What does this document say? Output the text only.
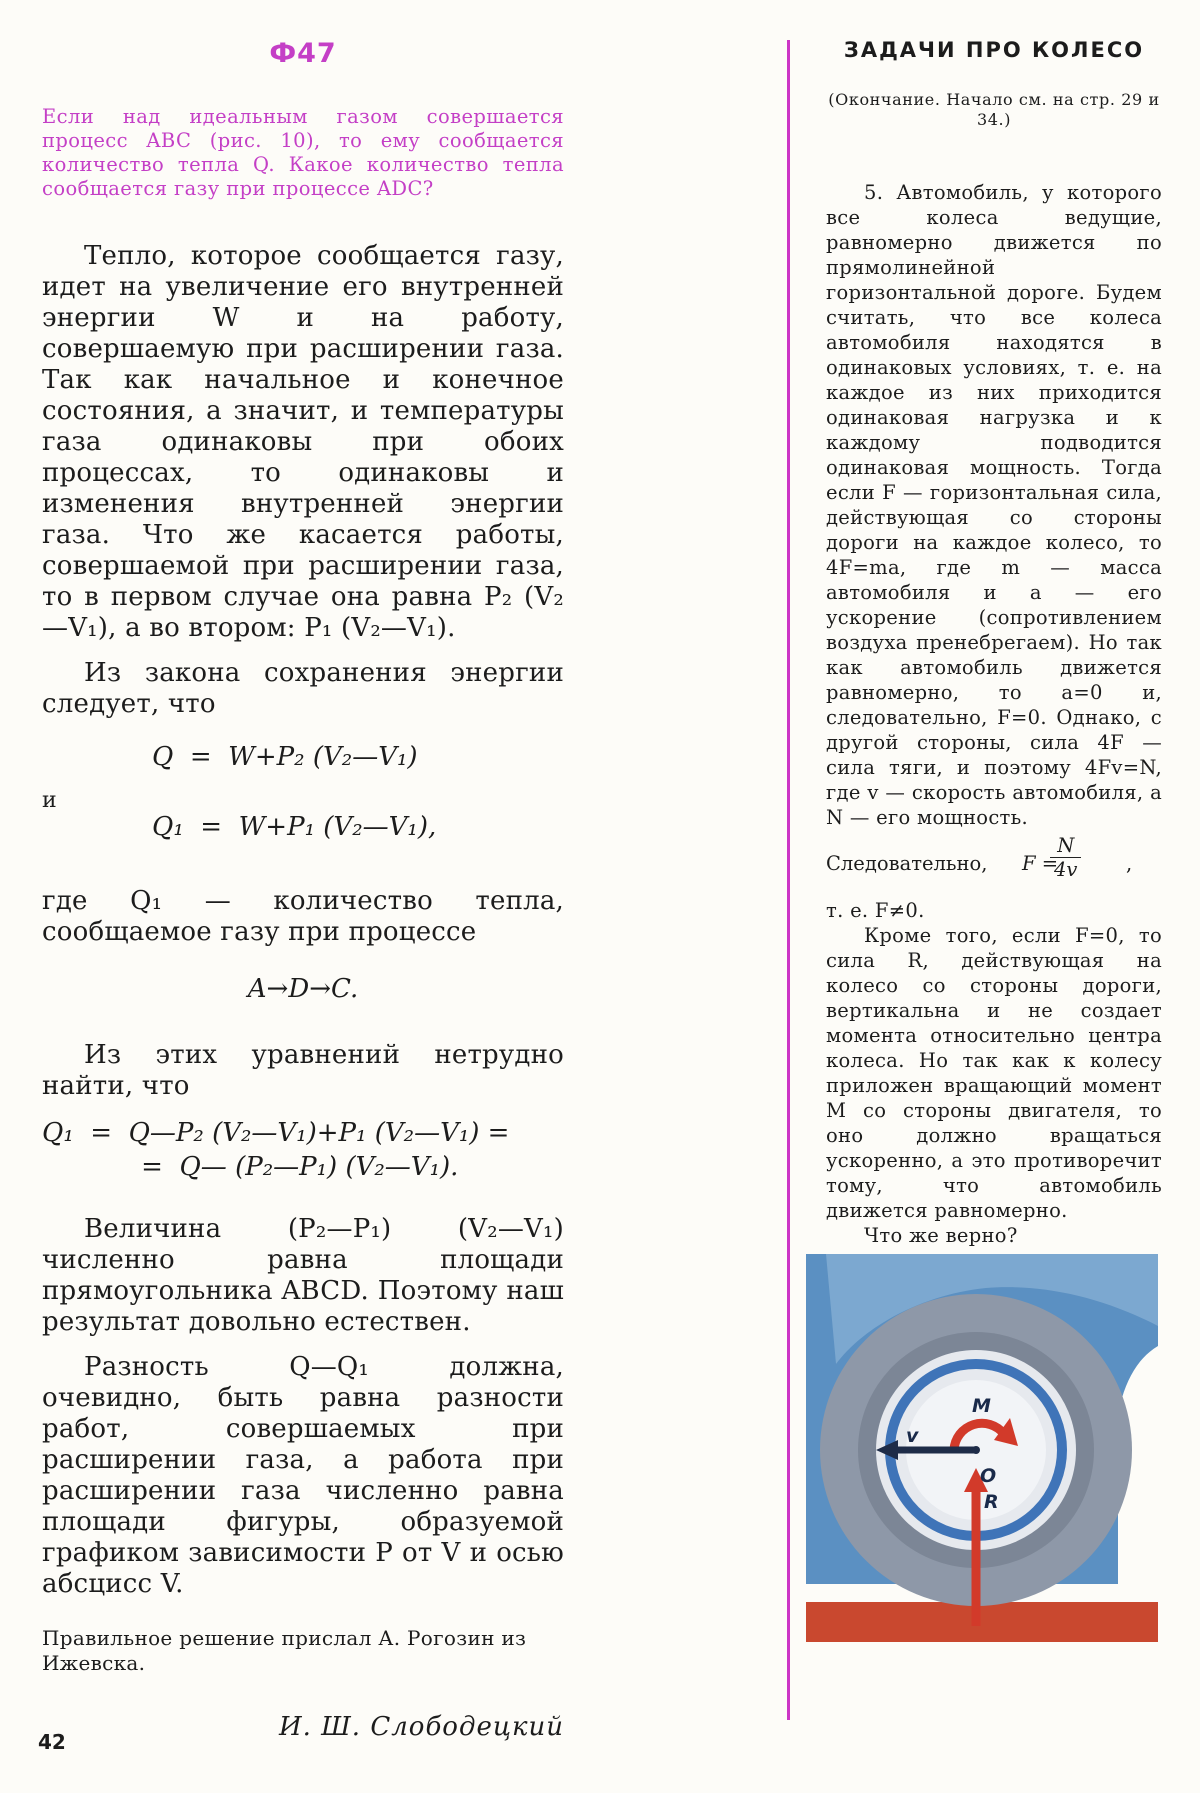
Ф47
Если над идеальным газом совершается процесс ABC (рис. 10), то ему сообщается количество тепла Q. Какое количество тепла сообщается газу при процессе ADC?

Тепло, которое сообщается газу, идет на увеличение его внутренней энергии W и на работу, совершаемую при расширении газа. Так как начальное и конечное состояния, а значит, и температуры газа одинаковы при обоих процессах, то одинаковы и изменения внутренней энергии газа. Что же касается работы, совершаемой при расширении газа, то в первом случае она равна P₂ (V₂—V₁), а во втором: P₁ (V₂—V₁).

Из закона сохранения энергии следует, что

и
Q  =  W+P₂ (V₂—V₁)
Q₁  =  W+P₁ (V₂—V₁),

где Q₁ — количество тепла, сообщаемое газу при процессе

A→D→C.

Из этих уравнений нетрудно найти, что

Q₁  =  Q—P₂ (V₂—V₁)+P₁ (V₂—V₁) =
=  Q— (P₂—P₁) (V₂—V₁).

Величина (P₂—P₁) (V₂—V₁) численно равна площади прямоугольника ABCD. Поэтому наш результат довольно естествен.

Разность Q—Q₁ должна, очевидно, быть равна разности работ, совершаемых при расширении газа, а работа при расширении газа численно равна площади фигуры, образуемой графиком зависимости P от V и осью абсцисс V.

Правильное решение прислал А. Рогозин из Ижевска.
И. Ш. Слободецкий
42
ЗАДАЧИ ПРО КОЛЕСО
(Окончание. Начало см. на стр. 29 и 34.)

5. Автомобиль, у которого все колеса ведущие, равномерно движется по прямолинейной горизонтальной дороге. Будем считать, что все колеса автомобиля находятся в одинаковых условиях, т. е. на каждое из них приходится одинаковая нагрузка и к каждому подводится одинаковая мощность. Тогда если F — горизонтальная сила, действующая со стороны дороги на каждое колесо, то 4F=ma, где m — масса автомобиля и a — его ускорение (сопротивлением воздуха пренебрегаем). Но так как автомобиль движется равномерно, то a=0 и, следовательно, F=0. Однако, с другой стороны, сила 4F — сила тяги, и поэтому 4Fv=N, где v — скорость автомобиля, а N — его мощность.

Следовательно, F =
$\frac{N}{4v}$ ,

т. е. F≠0.

Кроме того, если F=0, то сила R, действующая на колесо со стороны дороги, вертикальна и не создает момента относительно центра колеса. Но так как к колесу приложен вращающий момент M со стороны двигателя, то оно должно вращаться ускоренно, а это противоречит тому, что автомобиль движется равномерно.

Что же верно?

M
v
O
R
